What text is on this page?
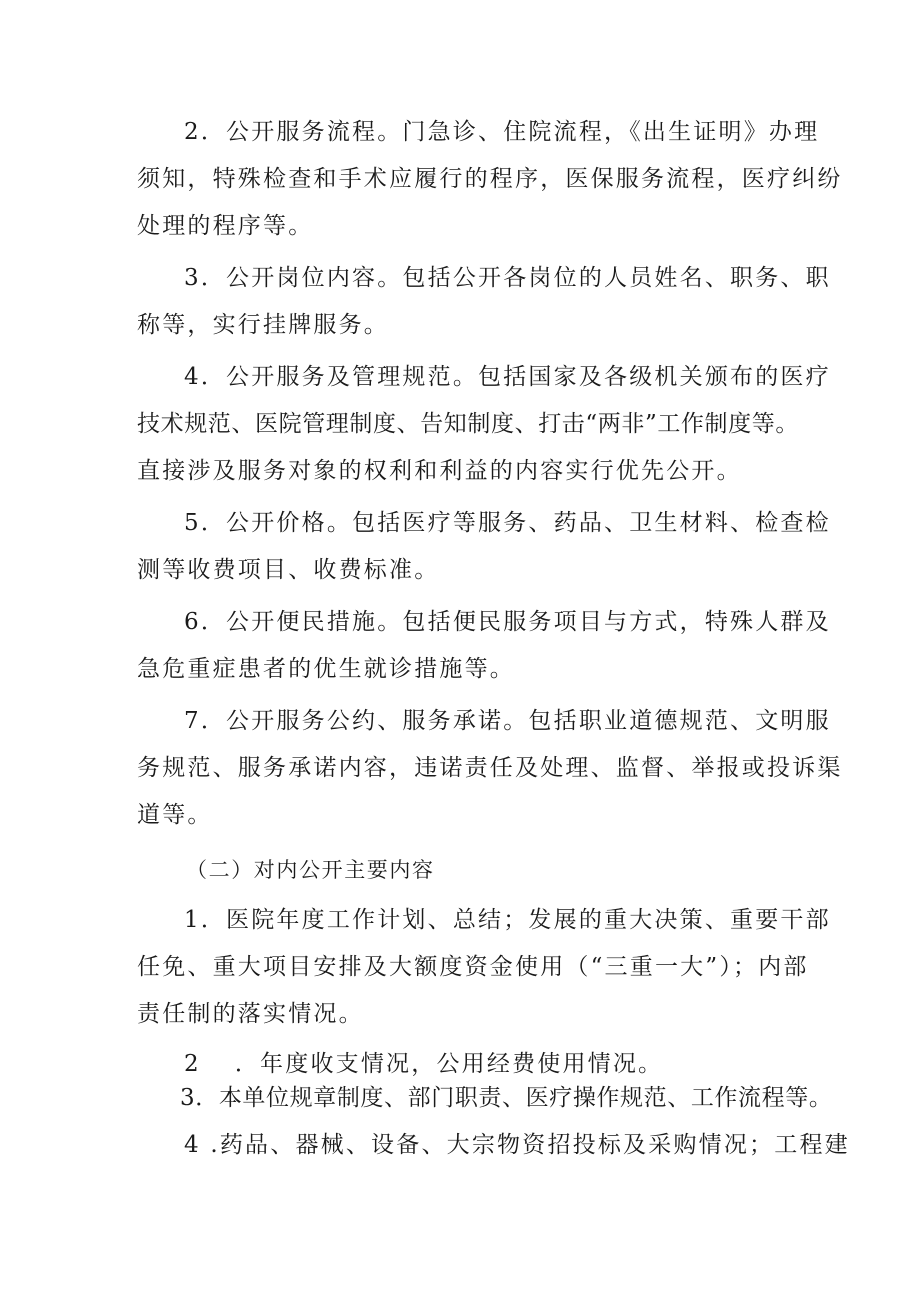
2．公开服务流程。门急诊、住院流程，《出生证明》办理
须知，特殊检查和手术应履行的程序，医保服务流程，医疗纠纷
处理的程序等。
3．公开岗位内容。包括公开各岗位的人员姓名、职务、职
称等，实行挂牌服务。
4．公开服务及管理规范。包括国家及各级机关颁布的医疗
技术规范、医院管理制度、告知制度、打击“两非”工作制度等。
直接涉及服务对象的权利和利益的内容实行优先公开。
5．公开价格。包括医疗等服务、药品、卫生材料、检查检
测等收费项目、收费标准。
6．公开便民措施。包括便民服务项目与方式，特殊人群及
急危重症患者的优生就诊措施等。
7．公开服务公约、服务承诺。包括职业道德规范、文明服
务规范、服务承诺内容，违诺责任及处理、监督、举报或投诉渠
道等。
（二）对内公开主要内容
1．医院年度工作计划、总结；发展的重大决策、重要干部
任免、重大项目安排及大额度资金使用（“三重一大”）；内部
责任制的落实情况。
2 ．年度收支情况，公用经费使用情况。
3．本单位规章制度、部门职责、医疗操作规范、工作流程等。
4 .药品、器械、设备、大宗物资招投标及采购情况；工程建
